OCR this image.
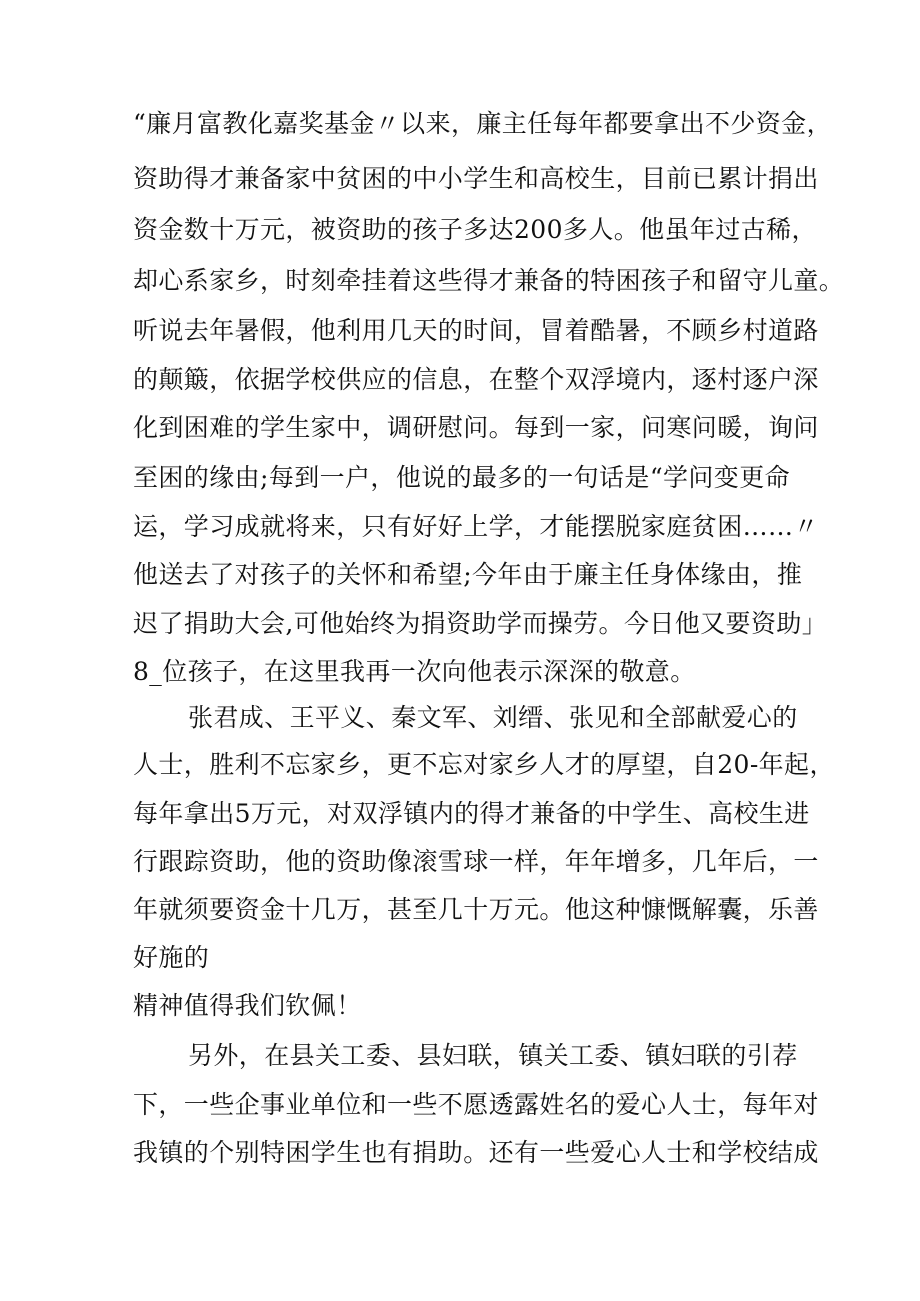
“廉月富教化嘉奖基金〃以来，廉主任每年都要拿出不少资金，
资助得才兼备家中贫困的中小学生和高校生，目前已累计捐出
资金数十万元，被资助的孩子多达200多人。他虽年过古稀，
却心系家乡，时刻牵挂着这些得才兼备的特困孩子和留守儿童。
听说去年暑假，他利用几天的时间，冒着酷暑，不顾乡村道路
的颠簸，依据学校供应的信息，在整个双浮境内，逐村逐户深
化到困难的学生家中，调研慰问。每到一家，问寒问暖，询问
至困的缘由;每到一户，他说的最多的一句话是“学问变更命
运，学习成就将来，只有好好上学，才能摆脱家庭贫困……〃
他送去了对孩子的关怀和希望;今年由于廉主任身体缘由，推
迟了捐助大会,可他始终为捐资助学而操劳。今日他又要资助」
8_位孩子，在这里我再一次向他表示深深的敬意。
张君成、王平义、秦文军、刘缙、张见和全部献爱心的
人士，胜利不忘家乡，更不忘对家乡人才的厚望，自20-年起，
每年拿出5万元，对双浮镇内的得才兼备的中学生、高校生进
行跟踪资助，他的资助像滚雪球一样，年年增多，几年后，一
年就须要资金十几万，甚至几十万元。他这种慷慨解囊，乐善
好施的
精神值得我们钦佩！
另外，在县关工委、县妇联，镇关工委、镇妇联的引荐
下，一些企事业单位和一些不愿透露姓名的爱心人士，每年对
我镇的个别特困学生也有捐助。还有一些爱心人士和学校结成
